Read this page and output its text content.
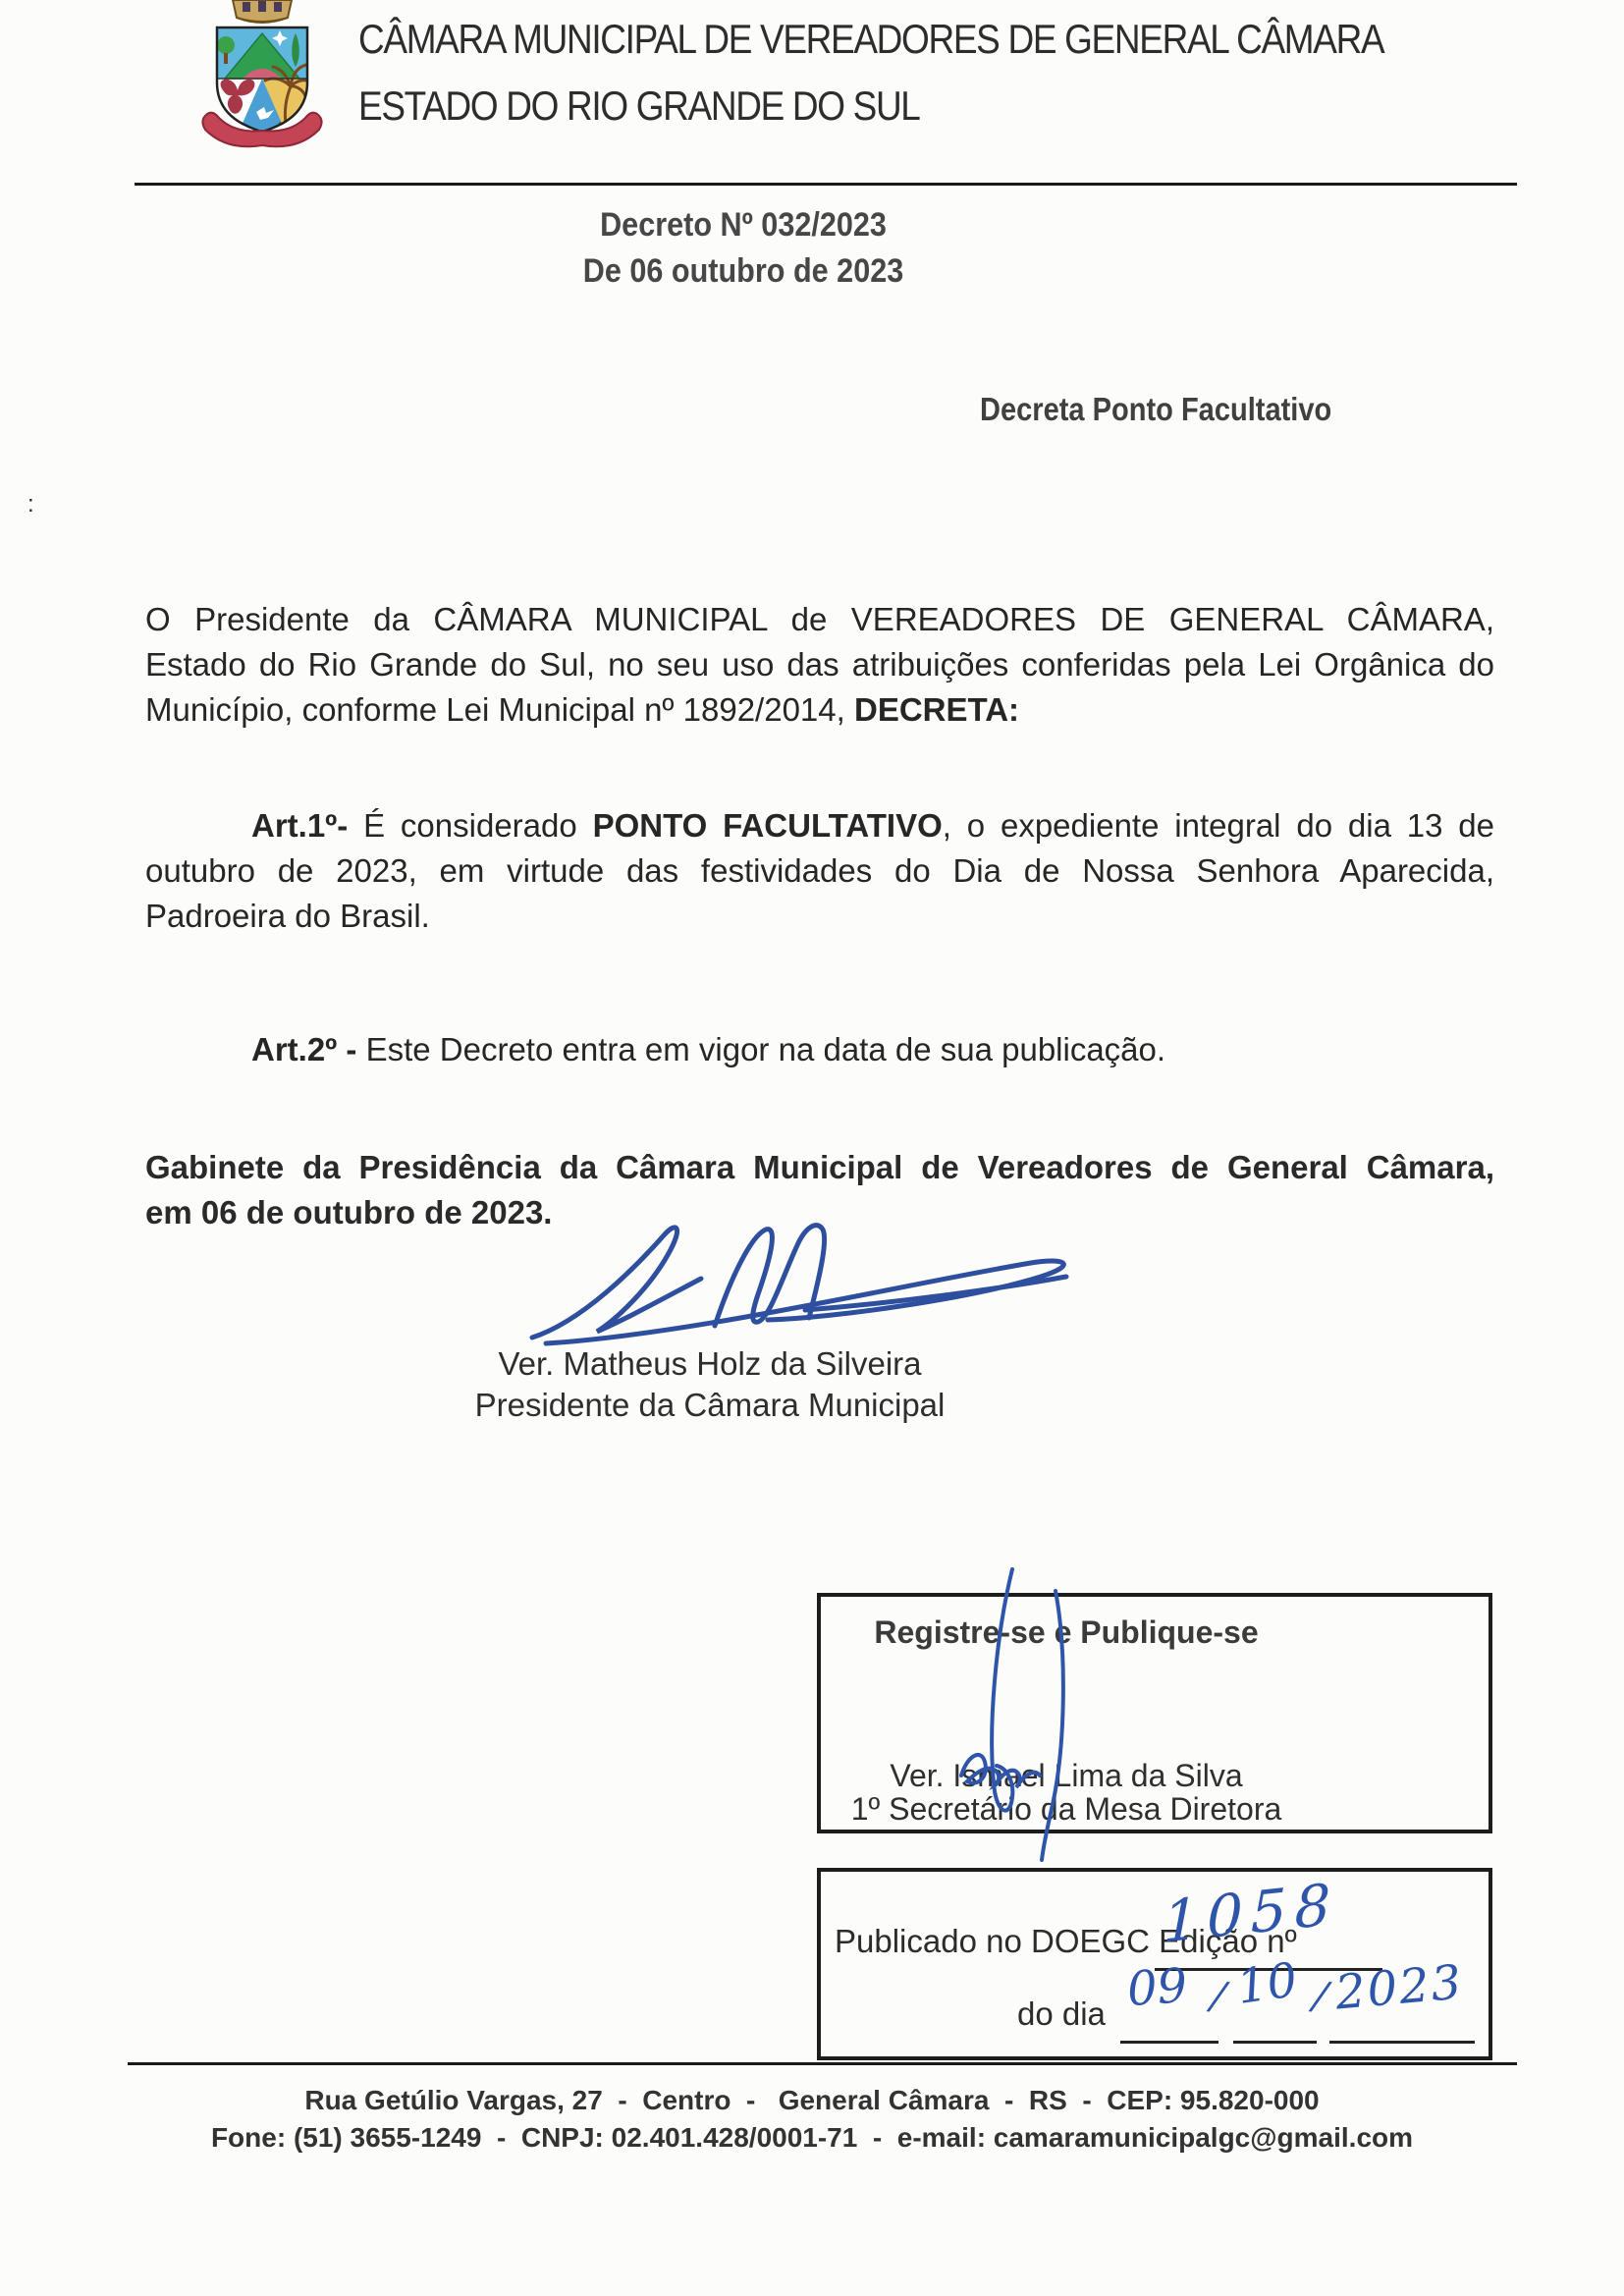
CÂMARA MUNICIPAL DE VEREADORES DE GENERAL CÂMARA
ESTADO DO RIO GRANDE DO SUL
:
Decreto Nº 032/2023
De 06 outubro de 2023
Decreta Ponto Facultativo
O Presidente da CÂMARA MUNICIPAL de VEREADORES DE GENERAL CÂMARA,
Estado do Rio Grande do Sul, no seu uso das atribuições conferidas pela Lei Orgânica do
Município, conforme Lei Municipal nº 1892/2014, DECRETA:
Art.1º- É considerado PONTO FACULTATIVO, o expediente integral do dia 13 de
outubro de 2023, em virtude das festividades do Dia de Nossa Senhora Aparecida,
Padroeira do Brasil.
Art.2º - Este Decreto entra em vigor na data de sua publicação.
Gabinete da Presidência da Câmara Municipal de Vereadores de General Câmara,
em 06 de outubro de 2023.
Ver. Matheus Holz da Silveira
Presidente da Câmara Municipal
Registre-se e Publique-se
Ver. Ismael Lima da Silva
1º Secretário da Mesa Diretora
Publicado no DOEGC Edição nº
do dia
1058
09 / 10 / 2023
Rua Getúlio Vargas, 27  -  Centro  -   General Câmara  -  RS  -  CEP: 95.820-000
Fone: (51) 3655-1249  -  CNPJ: 02.401.428/0001-71  -  e-mail: camaramunicipalgc@gmail.com
